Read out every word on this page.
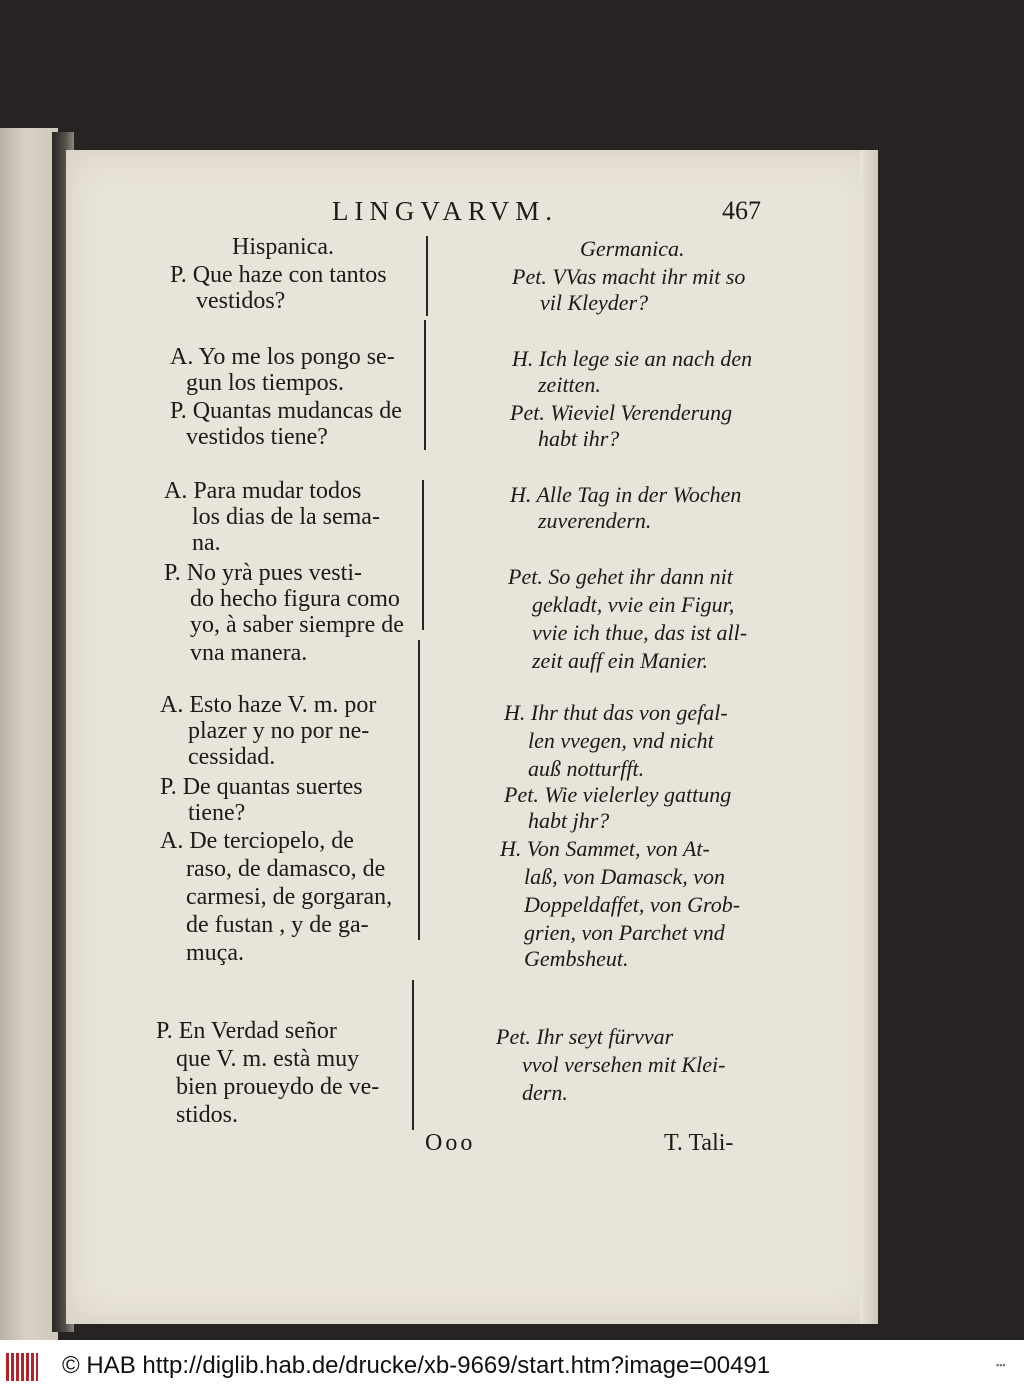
LINGVARVM.	467
Hispanica.	Germanica.
P. Que haze con tantos
vestidos?
A. Yo me los pongo se-
gun los tiempos.
P. Quantas mudancas de
vestidos tiene?
A. Para mudar todos
los dias de la sema-
na.
P. No yrà pues vesti-
do hecho figura como
yo, à saber siempre de
vna manera.
A. Esto haze V. m. por
plazer y no por ne-
cessidad.
P. De quantas suertes
tiene?
A. De terciopelo, de
raso, de damasco, de
carmesi, de gorgaran,
de fustan , y de ga-
muça.
P. En Verdad señor
que V. m. està muy
bien proueydo de ve-
stidos.
Pet. VVas macht ihr mit so
vil Kleyder?
H. Ich lege sie an nach den
zeitten.
Pet. Wieviel Verenderung
habt ihr?
H. Alle Tag in der Wochen
zuverendern.
Pet. So gehet ihr dann nit
gekladt, vvie ein Figur,
vvie ich thue, das ist all-
zeit auff ein Manier.
H. Ihr thut das von gefal-
len vvegen, vnd nicht
auß notturfft.
Pet. Wie vielerley gattung
habt jhr?
H. Von Sammet, von At-
laß, von Damasck, von
Doppeldaffet, von Grob-
grien, von Parchet vnd
Gembsheut.
Pet. Ihr seyt fürvvar
vvol versehen mit Klei-
dern.
Ooo	T. Tali-
© HAB http://diglib.hab.de/drucke/xb-9669/start.htm?image=00491	▪▪▪
